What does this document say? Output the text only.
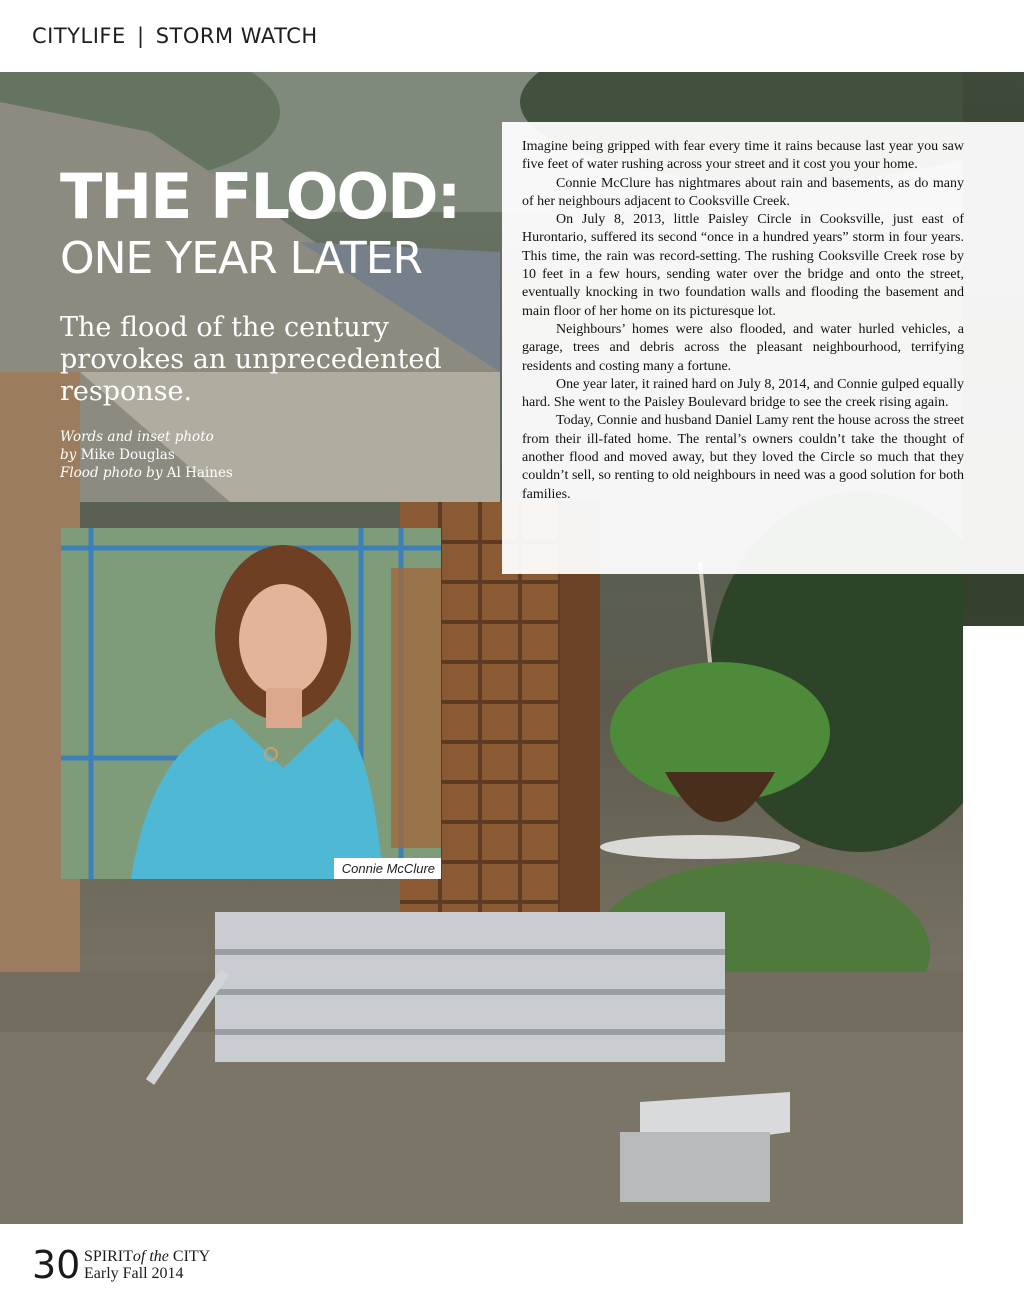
CITYLIFE | STORM WATCH
THE FLOOD:
ONE YEAR LATER
The flood of the century provokes an unprecedented response.
Words and inset photo
by Mike Douglas
Flood photo by Al Haines

Imagine being gripped with fear every time it rains because last year you saw five feet of water rushing across your street and it cost you your home.

Connie McClure has nightmares about rain and basements, as do many of her neighbours adjacent to Cooksville Creek.

On July 8, 2013, little Paisley Circle in Cooksville, just east of Hurontario, suffered its second “once in a hundred years” storm in four years. This time, the rain was record-setting. The rushing Cooksville Creek rose by 10 feet in a few hours, sending water over the bridge and onto the street, eventually knocking in two foundation walls and flooding the basement and main floor of her home on its picturesque lot.

Neighbours’ homes were also flooded, and water hurled vehicles, a garage, trees and debris across the pleasant neighbourhood, terrifying residents and costing many a fortune.

One year later, it rained hard on July 8, 2014, and Connie gulped equally hard. She went to the Paisley Boulevard bridge to see the creek rising again.

Today, Connie and husband Daniel Lamy rent the house across the street from their ill-fated home. The rental’s owners couldn’t take the thought of another flood and moved away, but they loved the Circle so much that they couldn’t sell, so renting to old neighbours in need was a good solution for both families.

Connie McClure
30 SPIRITof the CITY
Early Fall 2014
